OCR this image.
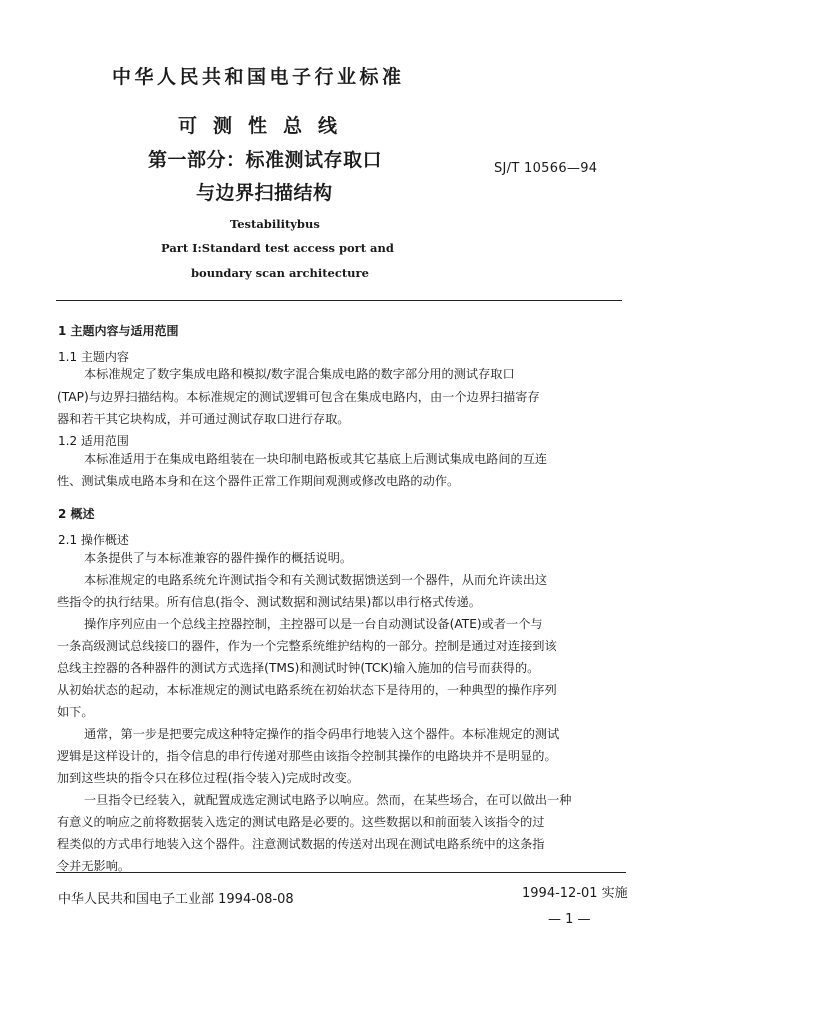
中华人民共和国电子行业标准
可测性总线
第一部分：标准测试存取口
与边界扫描结构
SJ/T 10566—94
Testabilitybus
Part I:Standard test access port and
boundary scan architecture
1 主题内容与适用范围
1.1 主题内容
1.2 适用范围
2 概述
2.1 操作概述
本标准规定了数字集成电路和模拟/数字混合集成电路的数字部分用的测试存取口
(TAP)与边界扫描结构。本标准规定的测试逻辑可包含在集成电路内，由一个边界扫描寄存
器和若干其它块构成，并可通过测试存取口进行存取。
本标准适用于在集成电路组装在一块印制电路板或其它基底上后测试集成电路间的互连
性、测试集成电路本身和在这个器件正常工作期间观测或修改电路的动作。
本条提供了与本标准兼容的器件操作的概括说明。
本标准规定的电路系统允许测试指令和有关测试数据馈送到一个器件，从而允许读出这
些指令的执行结果。所有信息(指令、测试数据和测试结果)都以串行格式传递。
操作序列应由一个总线主控器控制，主控器可以是一台自动测试设备(ATE)或者一个与
一条高级测试总线接口的器件，作为一个完整系统维护结构的一部分。控制是通过对连接到该
总线主控器的各种器件的测试方式选择(TMS)和测试时钟(TCK)输入施加的信号而获得的。
从初始状态的起动，本标准规定的测试电路系统在初始状态下是待用的，一种典型的操作序列
如下。
通常，第一步是把要完成这种特定操作的指令码串行地装入这个器件。本标准规定的测试
逻辑是这样设计的，指令信息的串行传递对那些由该指令控制其操作的电路块并不是明显的。
加到这些块的指令只在移位过程(指令装入)完成时改变。
一旦指令已经装入，就配置成选定测试电路予以响应。然而，在某些场合，在可以做出一种
有意义的响应之前将数据装入选定的测试电路是必要的。这些数据以和前面装入该指令的过
程类似的方式串行地装入这个器件。注意测试数据的传送对出现在测试电路系统中的这条指
令并无影响。
中华人民共和国电子工业部 1994-08-08	1994-12-01 实施
— 1 —
